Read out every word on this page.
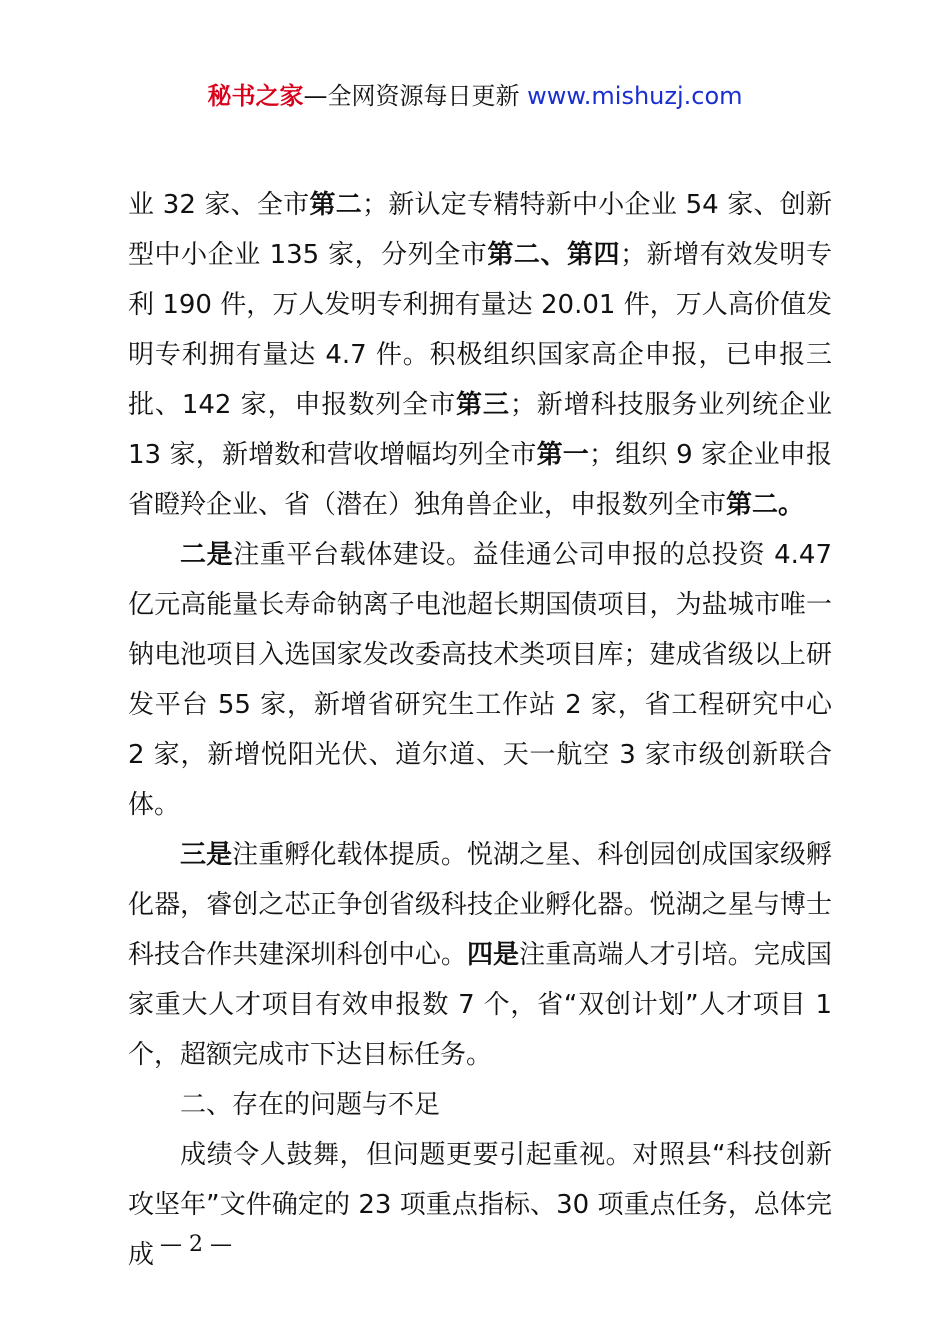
秘书之家—全网资源每日更新 www.mishuzj.com

业 32 家、全市第二；新认定专精特新中小企业 54 家、创新型中小企业 135 家，分列全市第二、第四；新增有效发明专利 190 件，万人发明专利拥有量达 20.01 件，万人高价值发明专利拥有量达 4.7 件。积极组织国家高企申报，已申报三批、142 家，申报数列全市第三；新增科技服务业列统企业 13 家，新增数和营收增幅均列全市第一；组织 9 家企业申报省瞪羚企业、省（潜在）独角兽企业，申报数列全市第二。

二是注重平台载体建设。益佳通公司申报的总投资 4.47 亿元高能量长寿命钠离子电池超长期国债项目，为盐城市唯一钠电池项目入选国家发改委高技术类项目库；建成省级以上研发平台 55 家，新增省研究生工作站 2 家，省工程研究中心 2 家，新增悦阳光伏、道尔道、天一航空 3 家市级创新联合体。

三是注重孵化载体提质。悦湖之星、科创园创成国家级孵化器，睿创之芯正争创省级科技企业孵化器。悦湖之星与博士科技合作共建深圳科创中心。四是注重高端人才引培。完成国家重大人才项目有效申报数 7 个，省“双创计划”人才项目 1 个，超额完成市下达目标任务。

二、存在的问题与不足

成绩令人鼓舞，但问题更要引起重视。对照县“科技创新攻坚年”文件确定的 23 项重点指标、30 项重点任务，总体完成 — 2 —
